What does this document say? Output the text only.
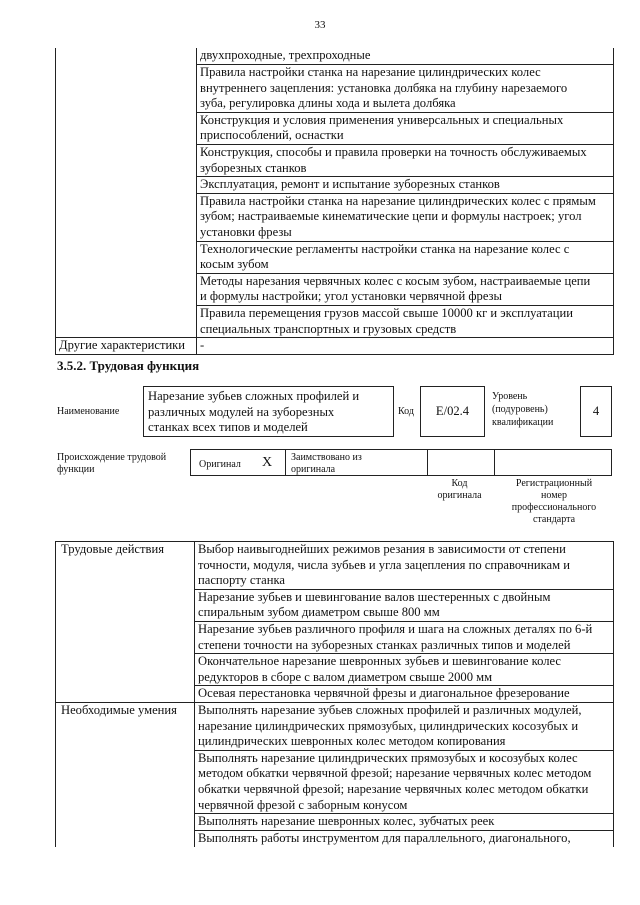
33
	двухпроходные, трехпроходные
	Правила настройки станка на нарезание цилиндрических колес
внутреннего зацепления: установка долбяка на глубину нарезаемого
зуба, регулировка длины хода и вылета долбяка
	Конструкция и условия применения универсальных и специальных
приспособлений, оснастки
	Конструкция, способы и правила проверки на точность обслуживаемых
зуборезных станков
	Эксплуатация, ремонт и испытание зуборезных станков
	Правила настройки станка на нарезание цилиндрических колес с прямым
зубом; настраиваемые кинематические цепи и формулы настроек; угол
установки фрезы
	Технологические регламенты настройки станка на нарезание колес с
косым зубом
	Методы нарезания червячных колес с косым зубом, настраиваемые цепи
и формулы настройки; угол установки червячной фрезы
	Правила перемещения грузов массой свыше 10000 кг и эксплуатации
специальных транспортных и грузовых средств
Другие характеристики	-
3.5.2. Трудовая функция
Наименование
Нарезание зубьев сложных профилей и
различных модулей на зуборезных
станках всех типов и моделей
Код	E/02.4
Уровень
(подуровень)
квалификации
4
Происхождение трудовой
функции	Оригинал X Заимствовано из
оригинала
Код
оригинала
Регистрационный
номер
профессионального
стандарта
Трудовые действия	Выбор наивыгоднейших режимов резания в зависимости от степени
точности, модуля, числа зубьев и угла зацепления по справочникам и
паспорту станка
	Нарезание зубьев и шевингование валов шестеренных с двойным
спиральным зубом диаметром свыше 800 мм
	Нарезание зубьев различного профиля и шага на сложных деталях по 6-й
степени точности на зуборезных станках различных типов и моделей
	Окончательное нарезание шевронных зубьев и шевингование колес
редукторов в сборе с валом диаметром свыше 2000 мм
	Осевая перестановка червячной фрезы и диагональное фрезерование
Необходимые умения	Выполнять нарезание зубьев сложных профилей и различных модулей,
нарезание цилиндрических прямозубых, цилиндрических косозубых и
цилиндрических шевронных колес методом копирования
	Выполнять нарезание цилиндрических прямозубых и косозубых колес
методом обкатки червячной фрезой; нарезание червячных колес методом
обкатки червячной фрезой; нарезание червячных колес методом обкатки
червячной фрезой с заборным конусом
	Выполнять нарезание шевронных колес, зубчатых реек
	Выполнять работы инструментом для параллельного, диагонального,
